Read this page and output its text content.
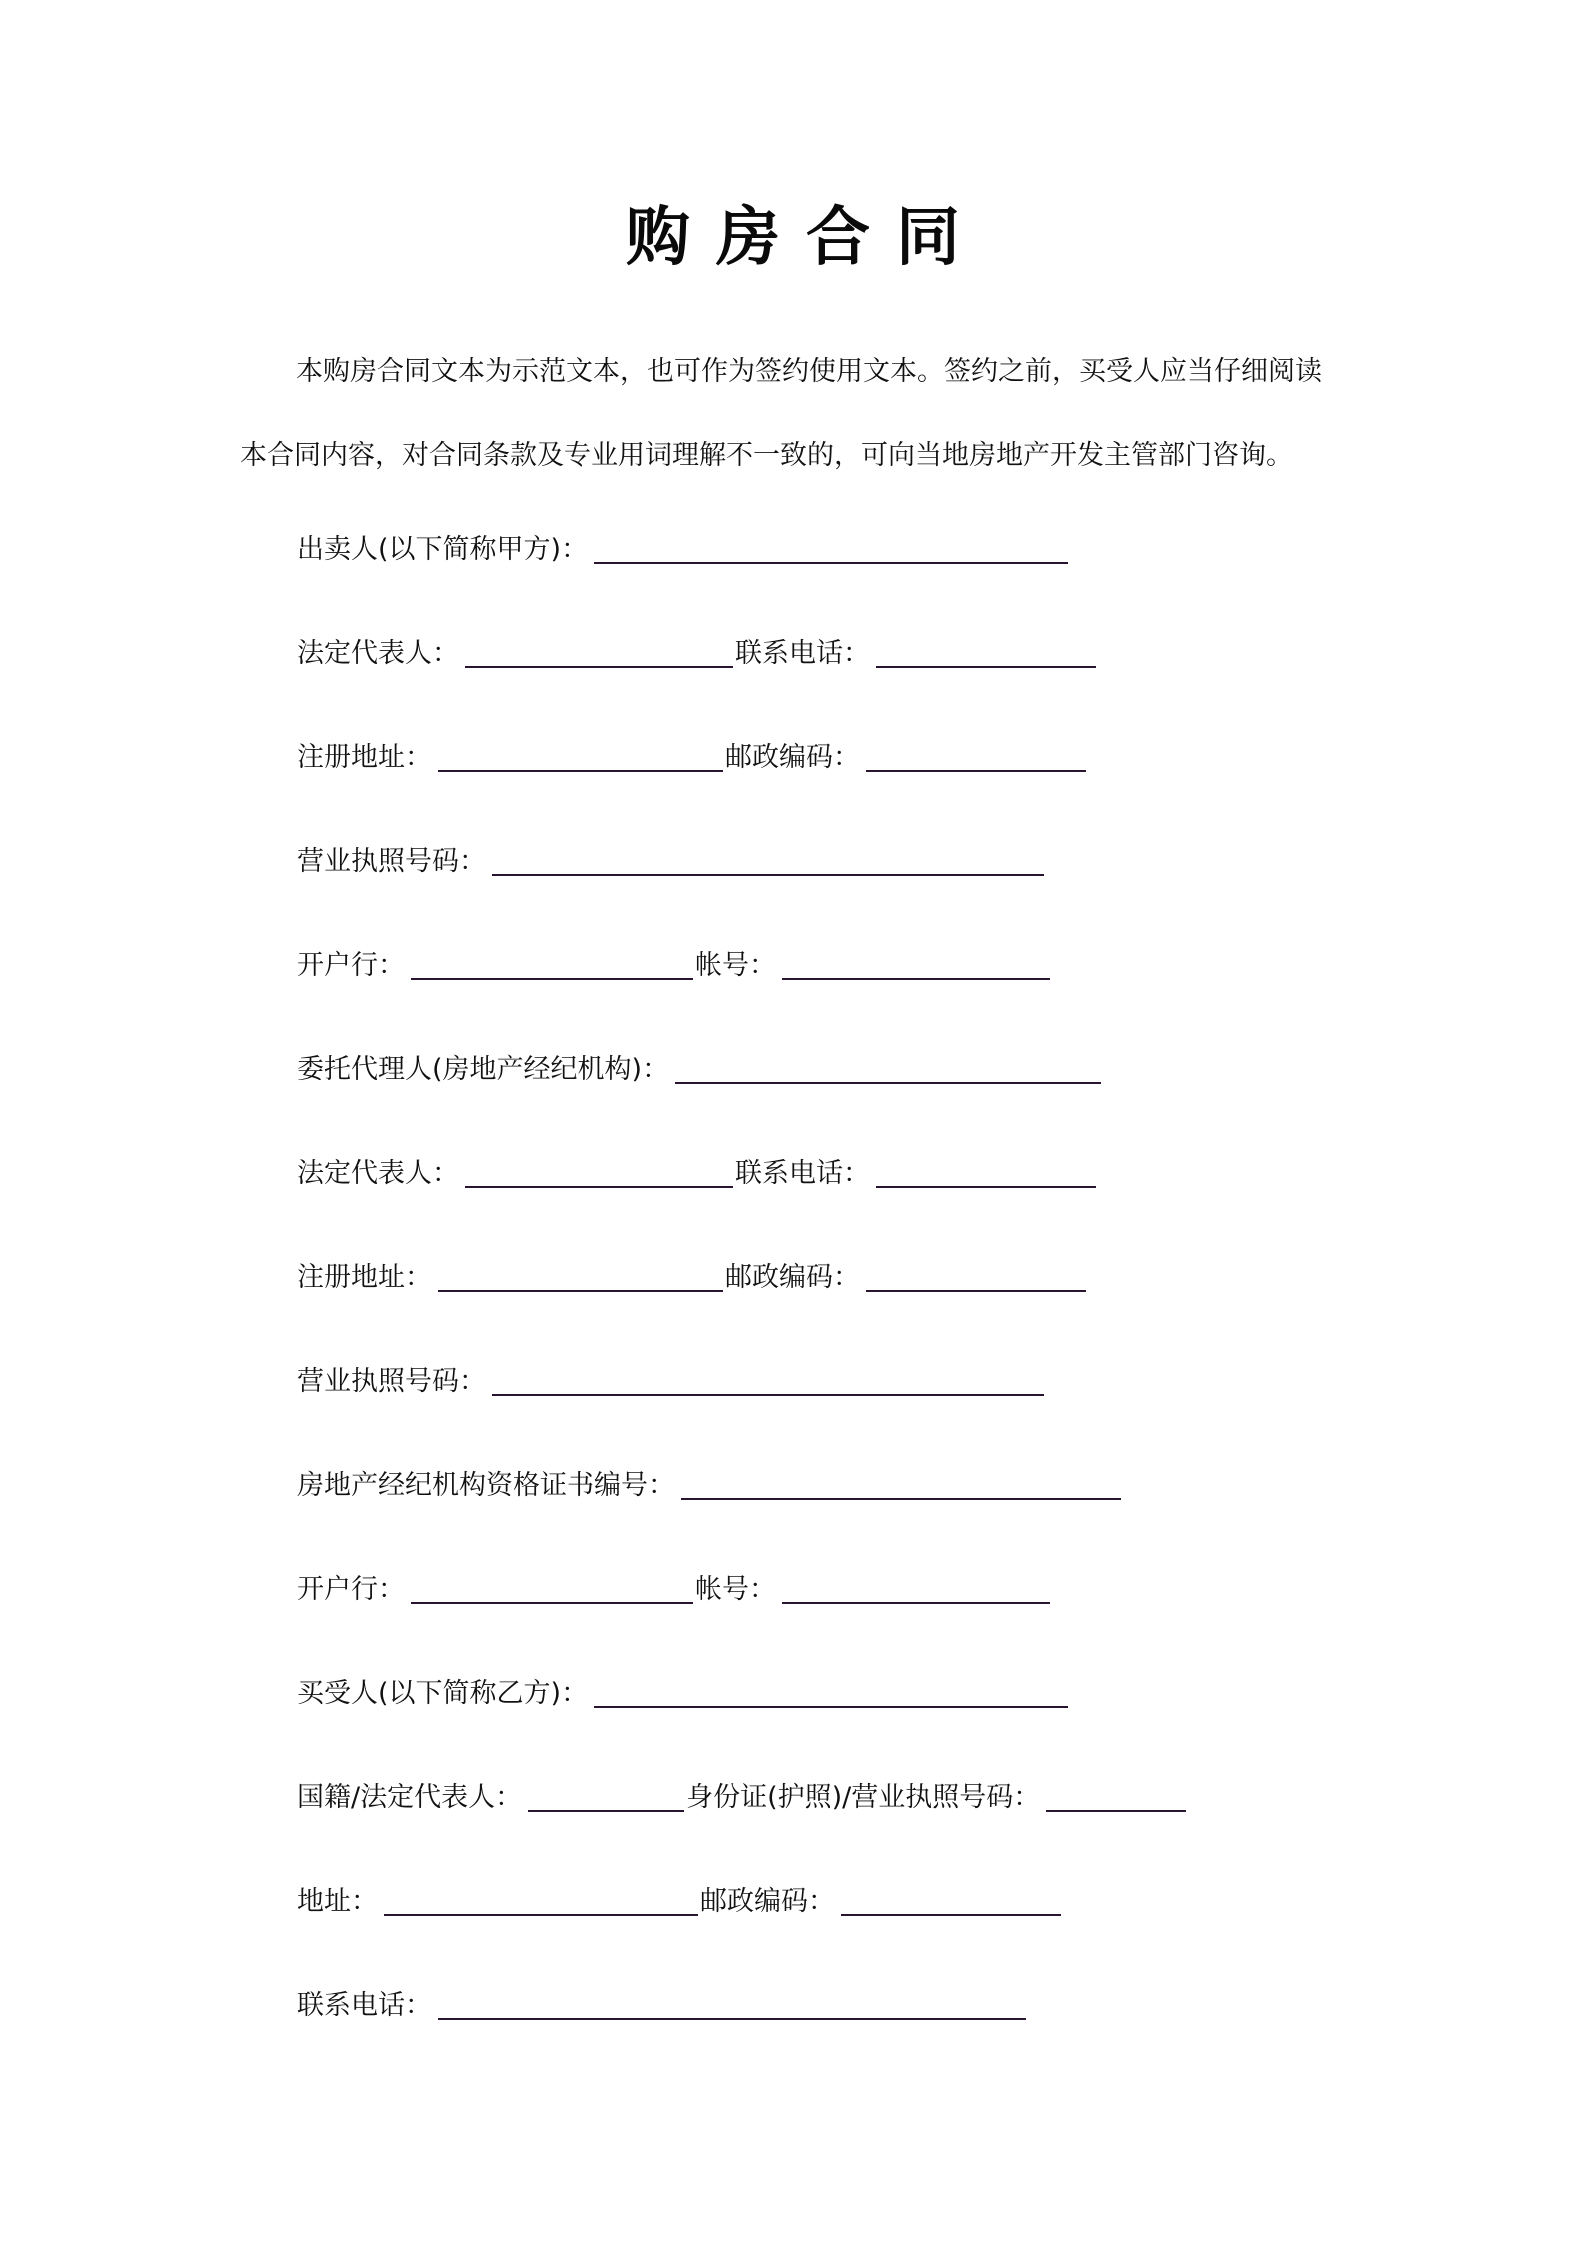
购房合同
本购房合同文本为示范文本，也可作为签约使用文本。签约之前，买受人应当仔细阅读
本合同内容，对合同条款及专业用词理解不一致的，可向当地房地产开发主管部门咨询。
出卖人(以下简称甲方)：
法定代表人：	联系电话：
注册地址：	邮政编码：
营业执照号码：
开户行：	帐号：
委托代理人(房地产经纪机构)：
法定代表人：	联系电话：
注册地址：	邮政编码：
营业执照号码：
房地产经纪机构资格证书编号：
开户行：	帐号：
买受人(以下简称乙方)：
国籍/法定代表人：	身份证(护照)/营业执照号码：
地址：	邮政编码：
联系电话：
